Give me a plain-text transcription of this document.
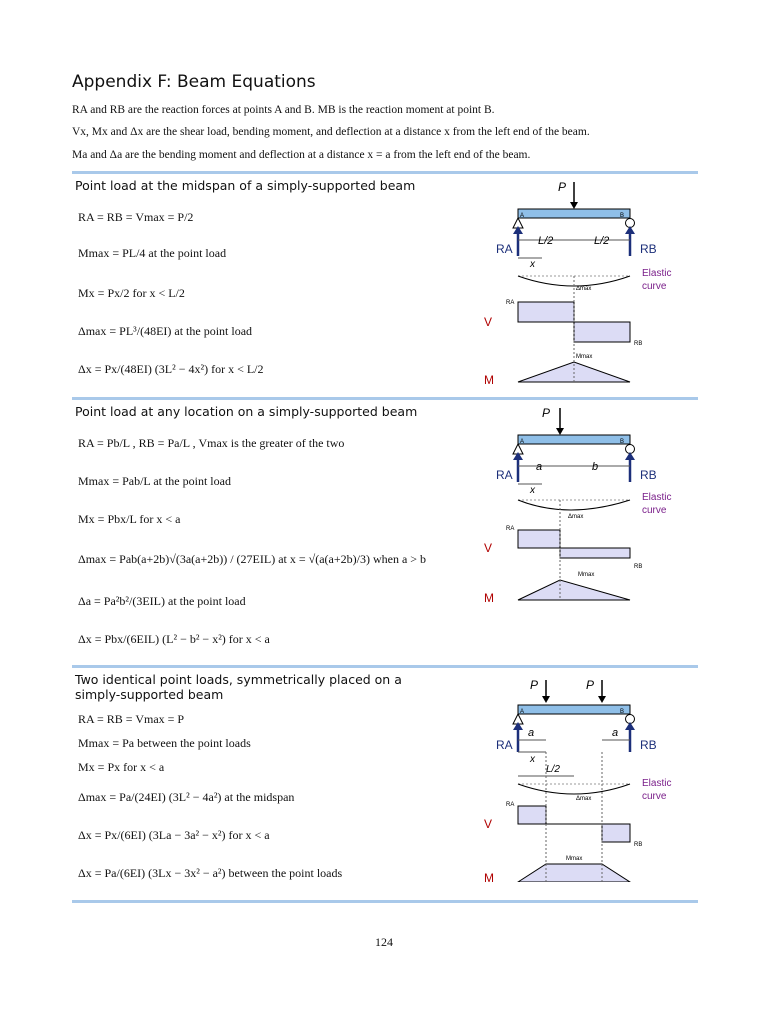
Appendix F: Beam Equations
RA and RB are the reaction forces at points A and B. MB is the reaction moment at point B.
Vx, Mx and Δx are the shear load, bending moment, and deflection at a distance x from the left end of the beam.
Ma and Δa are the bending moment and deflection at a distance x = a from the left end of the beam.
Point load at the midspan of a simply-supported beam
RA = RB = Vmax = P/2
Mmax = PL/4 at the point load
Mx = Px/2 for x < L/2
Δmax = PL³/(48EI) at the point load
Δx = Px/(48EI) (3L² − 4x²) for x < L/2
P
A	B
RA	RB
L/2	L/2
x
Δmax
Elastic
curve
V
RA
RB
Mmax
M
Point load at any location on a simply-supported beam
RA = Pb/L , RB = Pa/L , Vmax is the greater of the two
Mmax = Pab/L at the point load
Mx = Pbx/L for x < a
Δmax = Pab(a+2b)√(3a(a+2b)) / (27EIL) at x = √(a(a+2b)/3) when a > b
Δa = Pa²b²/(3EIL) at the point load
Δx = Pbx/(6EIL) (L² − b² − x²) for x < a
P
A	B
RA	RB
a	b
x
Δmax
Elastic
curve
V
RA
RB
Mmax
M
Two identical point loads, symmetrically placed on a simply-supported beam
RA = RB = Vmax = P
Mmax = Pa between the point loads
Mx = Px for x < a
Δmax = Pa/(24EI) (3L² − 4a²) at the midspan
Δx = Px/(6EI) (3La − 3a² − x²) for x < a
Δx = Pa/(6EI) (3Lx − 3x² − a²) between the point loads
P	P
A	B
RA	RB
a	a
x
L/2
Δmax
Elastic
curve
V
RA
RB
Mmax
M
124
